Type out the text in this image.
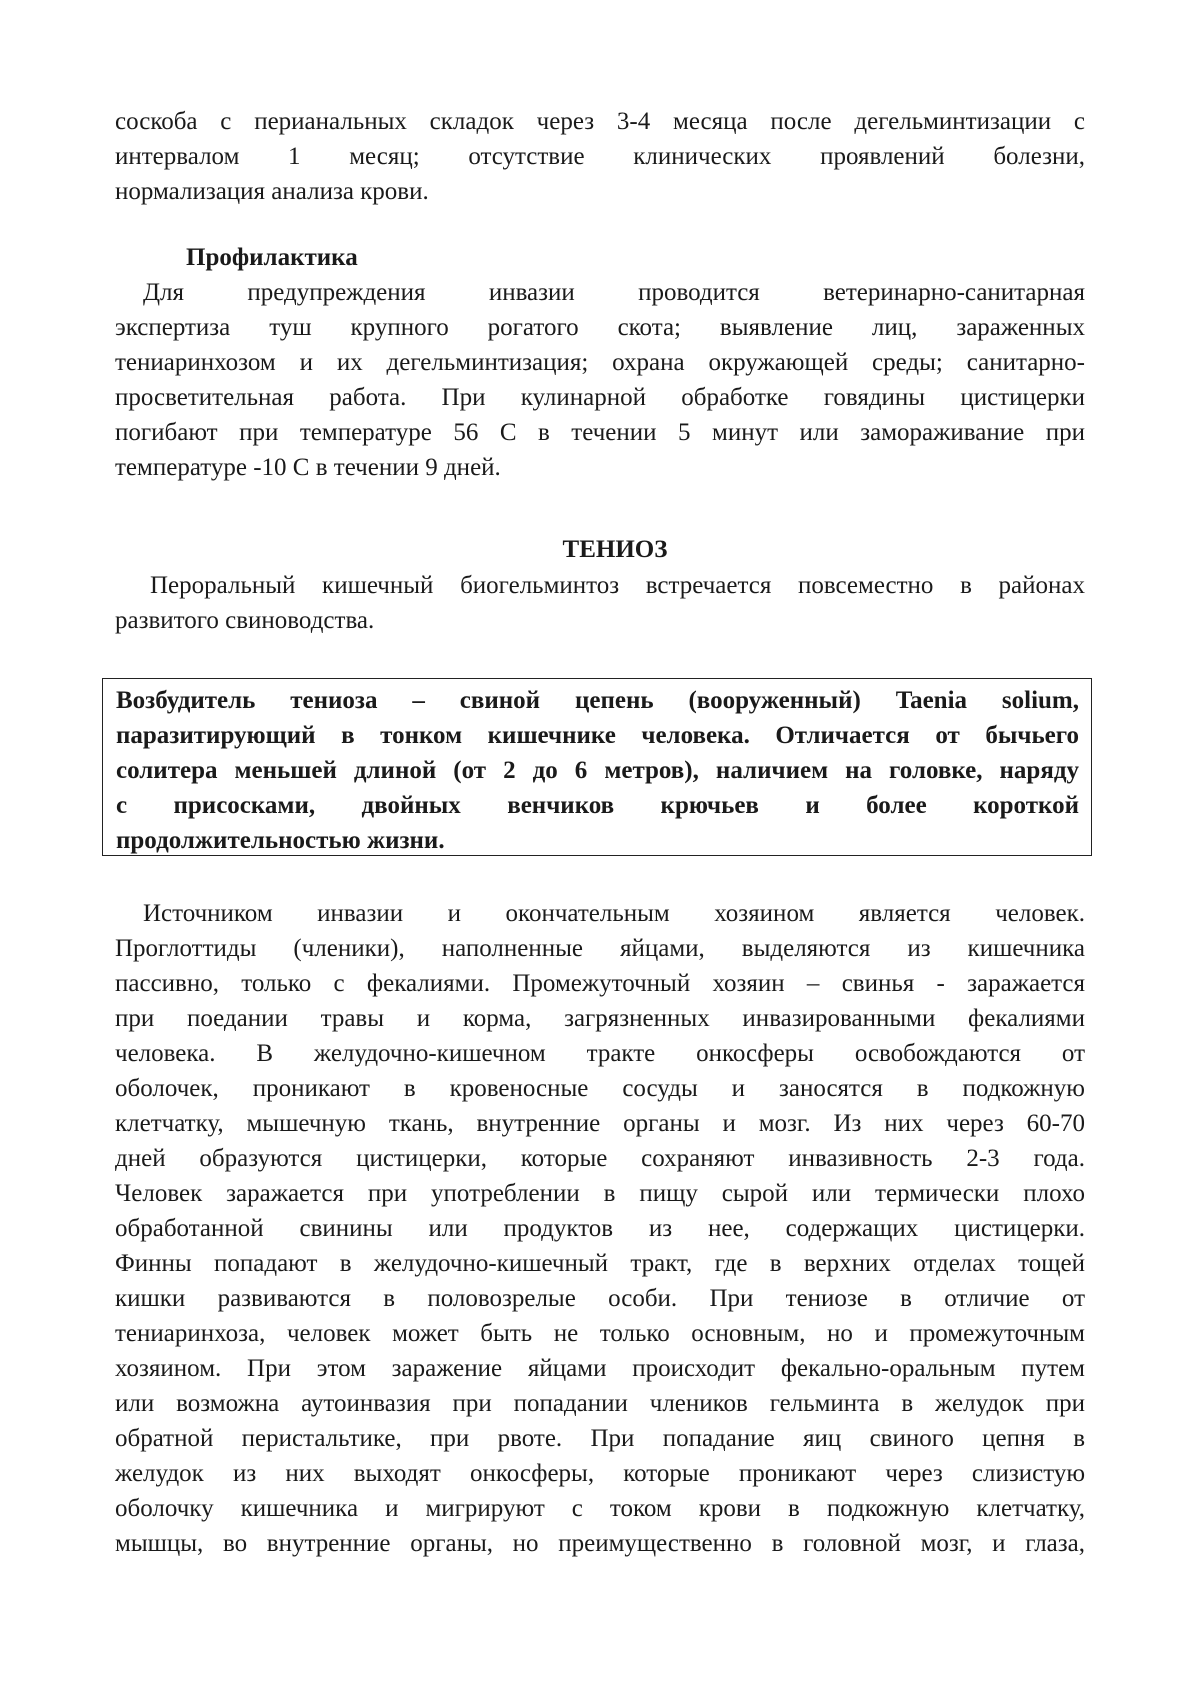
соскоба с перианальных складок через 3-4 месяца после дегельминтизации с
интервалом 1 месяц; отсутствие клинических проявлений болезни,
нормализация анализа крови.
Профилактика
Для предупреждения инвазии проводится ветеринарно-санитарная
экспертиза туш крупного рогатого скота; выявление лиц, зараженных
тениаринхозом и их дегельминтизация; охрана окружающей среды; санитарно-
просветительная работа. При кулинарной обработке говядины цистицерки
погибают при температуре 56 С в течении 5 минут или замораживание при
температуре -10 С в течении 9 дней.
ТЕНИОЗ
Пероральный кишечный биогельминтоз встречается повсеместно в районах
развитого свиноводства.
Возбудитель тениоза – свиной цепень (вооруженный) Taenia solium,
паразитирующий в тонком кишечнике человека. Отличается от бычьего
солитера меньшей длиной (от 2 до 6 метров), наличием на головке, наряду
с присосками, двойных венчиков крючьев и более короткой
продолжительностью жизни.
Источником инвазии и окончательным хозяином является человек.
Проглоттиды (членики), наполненные яйцами, выделяются из кишечника
пассивно, только с фекалиями. Промежуточный хозяин – свинья - заражается
при поедании травы и корма, загрязненных инвазированными фекалиями
человека. В желудочно-кишечном тракте онкосферы освобождаются от
оболочек, проникают в кровеносные сосуды и заносятся в подкожную
клетчатку, мышечную ткань, внутренние органы и мозг. Из них через 60-70
дней образуются цистицерки, которые сохраняют инвазивность 2-3 года.
Человек заражается при употреблении в пищу сырой или термически плохо
обработанной свинины или продуктов из нее, содержащих цистицерки.
Финны попадают в желудочно-кишечный тракт, где в верхних отделах тощей
кишки развиваются в половозрелые особи. При тениозе в отличие от
тениаринхоза, человек может быть не только основным, но и промежуточным
хозяином. При этом заражение яйцами происходит фекально-оральным путем
или возможна аутоинвазия при попадании члеников гельминта в желудок при
обратной перистальтике, при рвоте. При попадание яиц свиного цепня в
желудок из них выходят онкосферы, которые проникают через слизистую
оболочку кишечника и мигрируют с током крови в подкожную клетчатку,
мышцы, во внутренние органы, но преимущественно в головной мозг, и глаза,
